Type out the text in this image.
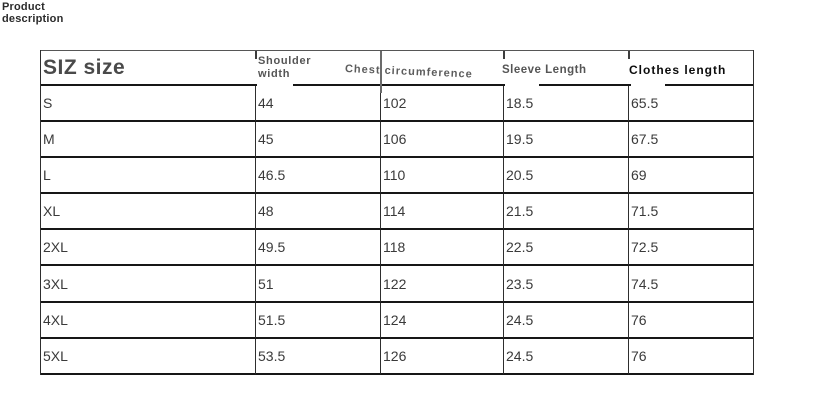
Product description
SIZ size	Shoulder width	Chest circumference	Sleeve Length	Clothes length
S	44	102	18.5	65.5
M	45	106	19.5	67.5
L	46.5	110	20.5	69
XL	48	114	21.5	71.5
2XL	49.5	118	22.5	72.5
3XL	51	122	23.5	74.5
4XL	51.5	124	24.5	76
5XL	53.5	126	24.5	76
